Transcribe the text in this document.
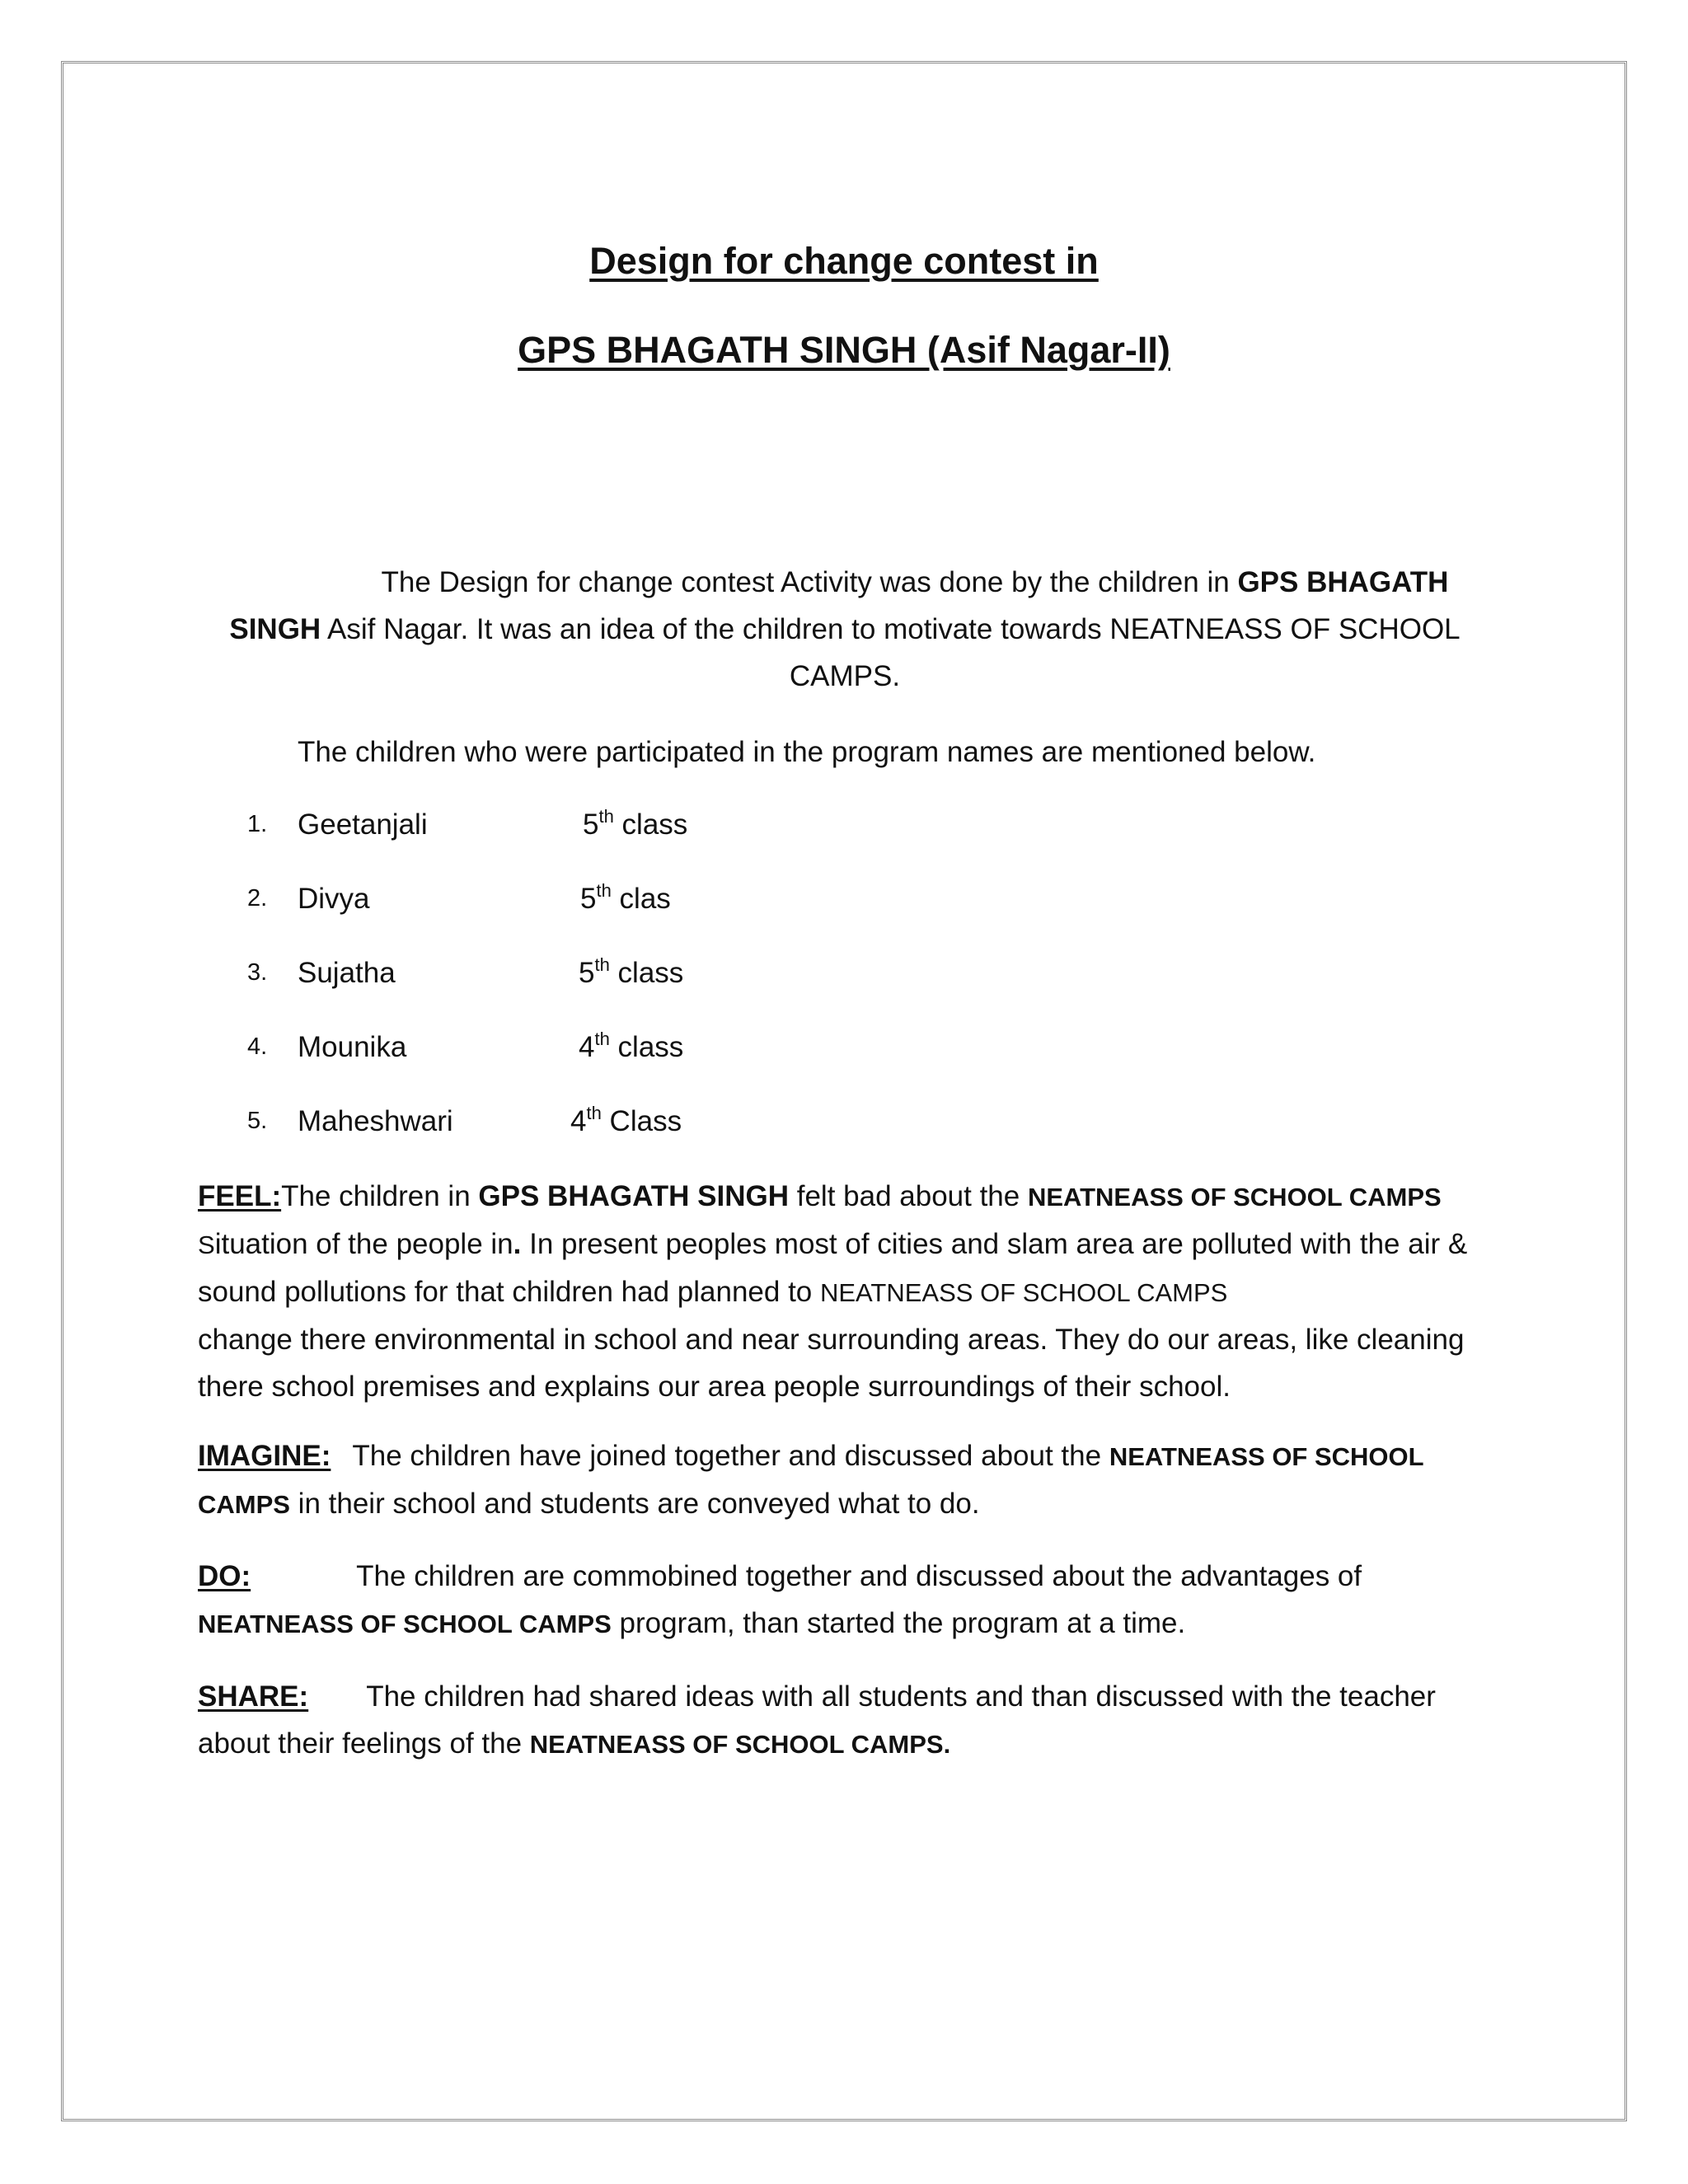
Design for change contest in
GPS BHAGATH SINGH (Asif Nagar-II)

The Design for change contest Activity was done by the children in GPS BHAGATH SINGH Asif Nagar. It was an idea of the children to motivate towards NEATNEASS OF SCHOOL CAMPS.

The children who were participated in the program names are mentioned below.

1. Geetanjali	5th class
2. Divya	5th clas
3. Sujatha	5th class
4. Mounika	4th class
5. Maheshwari	4th Class

FEEL:The children in GPS BHAGATH SINGH felt bad about the NEATNEASS OF SCHOOL CAMPS
Situation of the people in. In present peoples most of cities and slam area are polluted with the air & sound pollutions for that children had planned to NEATNEASS OF SCHOOL CAMPS
change there environmental in school and near surrounding areas. They do our areas, like cleaning there school premises and explains our area people surroundings of their school.

IMAGINE: The children have joined together and discussed about the NEATNEASS OF SCHOOL CAMPS in their school and students are conveyed what to do.

DO:	The children are commobined together and discussed about the advantages of NEATNEASS OF SCHOOL CAMPS program, than started the program at a time.

SHARE: The children had shared ideas with all students and than discussed with the teacher about their feelings of the NEATNEASS OF SCHOOL CAMPS.
